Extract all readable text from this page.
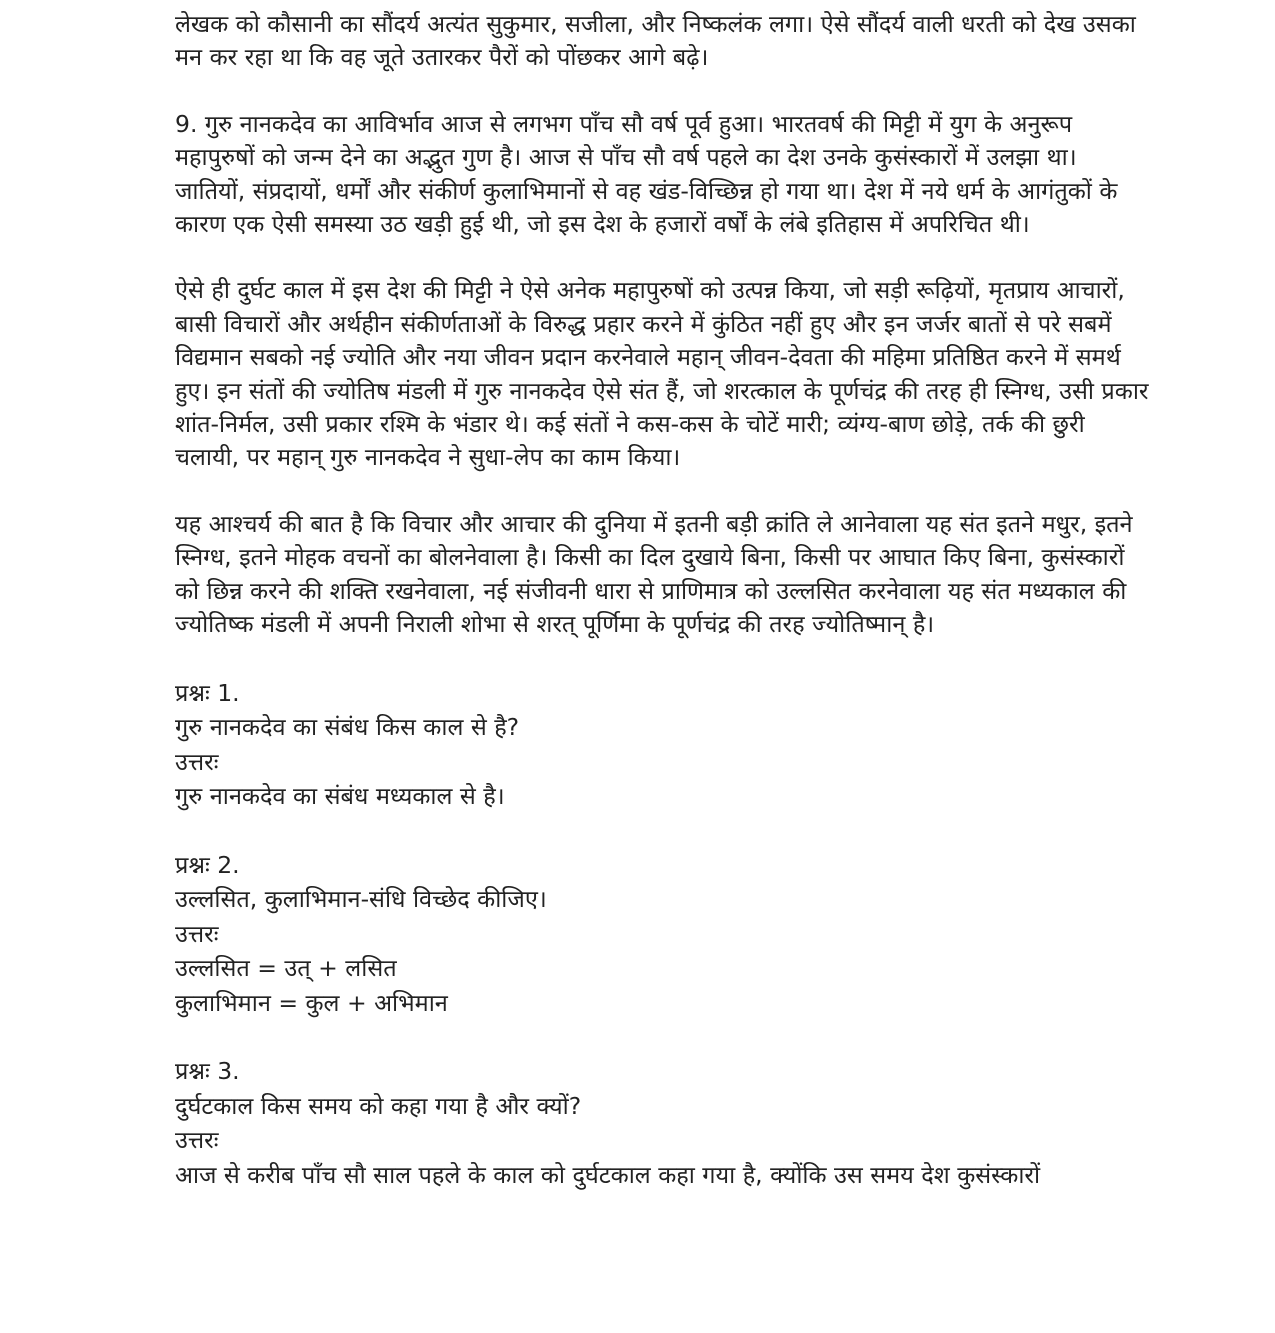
लेखक को कौसानी का सौंदर्य अत्यंत सुकुमार, सजीला, और निष्कलंक लगा। ऐसे सौंदर्य वाली धरती को देख उसका मन कर रहा था कि वह जूते उतारकर पैरों को पोंछकर आगे बढ़े।

9. गुरु नानकदेव का आविर्भाव आज से लगभग पाँच सौ वर्ष पूर्व हुआ। भारतवर्ष की मिट्टी में युग के अनुरूप महापुरुषों को जन्म देने का अद्भुत गुण है। आज से पाँच सौ वर्ष पहले का देश उनके कुसंस्कारों में उलझा था। जातियों, संप्रदायों, धर्मों और संकीर्ण कुलाभिमानों से वह खंड-विच्छिन्न हो गया था। देश में नये धर्म के आगंतुकों के कारण एक ऐसी समस्या उठ खड़ी हुई थी, जो इस देश के हजारों वर्षों के लंबे इतिहास में अपरिचित थी।

ऐसे ही दुर्घट काल में इस देश की मिट्टी ने ऐसे अनेक महापुरुषों को उत्पन्न किया, जो सड़ी रूढ़ियों, मृतप्राय आचारों, बासी विचारों और अर्थहीन संकीर्णताओं के विरुद्ध प्रहार करने में कुंठित नहीं हुए और इन जर्जर बातों से परे सबमें विद्यमान सबको नई ज्योति और नया जीवन प्रदान करनेवाले महान् जीवन-देवता की महिमा प्रतिष्ठित करने में समर्थ हुए। इन संतों की ज्योतिष मंडली में गुरु नानकदेव ऐसे संत हैं, जो शरत्काल के पूर्णचंद्र की तरह ही स्निग्ध, उसी प्रकार शांत-निर्मल, उसी प्रकार रश्मि के भंडार थे। कई संतों ने कस-कस के चोटें मारी; व्यंग्य-बाण छोड़े, तर्क की छुरी चलायी, पर महान् गुरु नानकदेव ने सुधा-लेप का काम किया।

यह आश्चर्य की बात है कि विचार और आचार की दुनिया में इतनी बड़ी क्रांति ले आनेवाला यह संत इतने मधुर, इतने स्निग्ध, इतने मोहक वचनों का बोलनेवाला है। किसी का दिल दुखाये बिना, किसी पर आघात किए बिना, कुसंस्कारों को छिन्न करने की शक्ति रखनेवाला, नई संजीवनी धारा से प्राणिमात्र को उल्लसित करनेवाला यह संत मध्यकाल की ज्योतिष्क मंडली में अपनी निराली शोभा से शरत् पूर्णिमा के पूर्णचंद्र की तरह ज्योतिष्मान् है।

प्रश्नः 1.

गुरु नानकदेव का संबंध किस काल से है?

उत्तरः

गुरु नानकदेव का संबंध मध्यकाल से है।

प्रश्नः 2.

उल्लसित, कुलाभिमान-संधि विच्छेद कीजिए।

उत्तरः

उल्लसित = उत् + लसित

कुलाभिमान = कुल + अभिमान

प्रश्नः 3.

दुर्घटकाल किस समय को कहा गया है और क्यों?

उत्तरः

आज से करीब पाँच सौ साल पहले के काल को दुर्घटकाल कहा गया है, क्योंकि उस समय देश कुसंस्कारों
